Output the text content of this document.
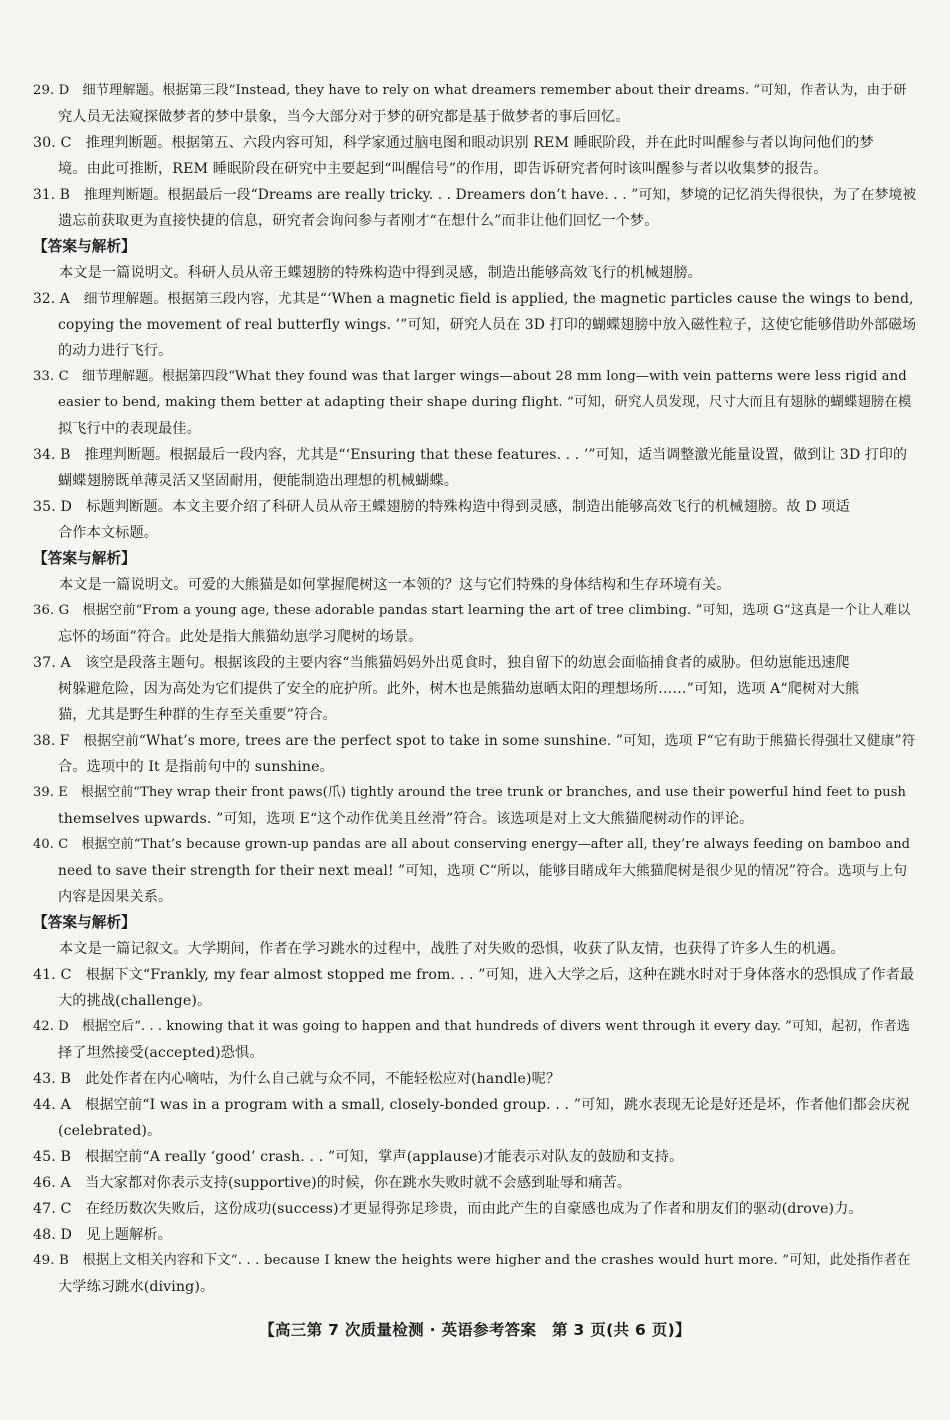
29. D　细节理解题。根据第三段“Instead, they have to rely on what dreamers remember about their dreams. ”可知，作者认为，由于研
究人员无法窥探做梦者的梦中景象，当今大部分对于梦的研究都是基于做梦者的事后回忆。
30. C　推理判断题。根据第五、六段内容可知，科学家通过脑电图和眼动识别 REM 睡眠阶段，并在此时叫醒参与者以询问他们的梦
境。由此可推断，REM 睡眠阶段在研究中主要起到“叫醒信号”的作用，即告诉研究者何时该叫醒参与者以收集梦的报告。
31. B　推理判断题。根据最后一段“Dreams are really tricky. . . Dreamers don’t have. . . ”可知，梦境的记忆消失得很快，为了在梦境被
遗忘前获取更为直接快捷的信息，研究者会询问参与者刚才“在想什么”而非让他们回忆一个梦。
【答案与解析】
本文是一篇说明文。科研人员从帝王蝶翅膀的特殊构造中得到灵感，制造出能够高效飞行的机械翅膀。
32. A　细节理解题。根据第三段内容，尤其是“‘When a magnetic field is applied, the magnetic particles cause the wings to bend,
copying the movement of real butterfly wings. ’”可知，研究人员在 3D 打印的蝴蝶翅膀中放入磁性粒子，这使它能够借助外部磁场
的动力进行飞行。
33. C　细节理解题。根据第四段“What they found was that larger wings—about 28 mm long—with vein patterns were less rigid and
easier to bend, making them better at adapting their shape during flight. ”可知，研究人员发现，尺寸大而且有翅脉的蝴蝶翅膀在模
拟飞行中的表现最佳。
34. B　推理判断题。根据最后一段内容，尤其是“‘Ensuring that these features. . . ’”可知，适当调整激光能量设置，做到让 3D 打印的
蝴蝶翅膀既单薄灵活又坚固耐用，便能制造出理想的机械蝴蝶。
35. D　标题判断题。本文主要介绍了科研人员从帝王蝶翅膀的特殊构造中得到灵感，制造出能够高效飞行的机械翅膀。故 D 项适
合作本文标题。
【答案与解析】
本文是一篇说明文。可爱的大熊猫是如何掌握爬树这一本领的？这与它们特殊的身体结构和生存环境有关。
36. G　根据空前“From a young age, these adorable pandas start learning the art of tree climbing. ”可知，选项 G“这真是一个让人难以
忘怀的场面”符合。此处是指大熊猫幼崽学习爬树的场景。
37. A　该空是段落主题句。根据该段的主要内容“当熊猫妈妈外出觅食时，独自留下的幼崽会面临捕食者的威胁。但幼崽能迅速爬
树躲避危险，因为高处为它们提供了安全的庇护所。此外，树木也是熊猫幼崽晒太阳的理想场所……”可知，选项 A“爬树对大熊
猫，尤其是野生种群的生存至关重要”符合。
38. F　根据空前“What’s more, trees are the perfect spot to take in some sunshine. ”可知，选项 F“它有助于熊猫长得强壮又健康”符
合。选项中的 It 是指前句中的 sunshine。
39. E　根据空前“They wrap their front paws(爪) tightly around the tree trunk or branches, and use their powerful hind feet to push
themselves upwards. ”可知，选项 E“这个动作优美且丝滑”符合。该选项是对上文大熊猫爬树动作的评论。
40. C　根据空前“That’s because grown-up pandas are all about conserving energy—after all, they’re always feeding on bamboo and
need to save their strength for their next meal! ”可知，选项 C“所以，能够目睹成年大熊猫爬树是很少见的情况”符合。选项与上句
内容是因果关系。
【答案与解析】
本文是一篇记叙文。大学期间，作者在学习跳水的过程中，战胜了对失败的恐惧，收获了队友情，也获得了许多人生的机遇。
41. C　根据下文“Frankly, my fear almost stopped me from. . . ”可知，进入大学之后，这种在跳水时对于身体落水的恐惧成了作者最
大的挑战(challenge)。
42. D　根据空后“. . . knowing that it was going to happen and that hundreds of divers went through it every day. ”可知，起初，作者选
择了坦然接受(accepted)恐惧。
43. B　此处作者在内心嘀咕，为什么自己就与众不同，不能轻松应对(handle)呢？
44. A　根据空前“I was in a program with a small, closely-bonded group. . . ”可知，跳水表现无论是好还是坏，作者他们都会庆祝
(celebrated)。
45. B　根据空前“A really ‘good’ crash. . . ”可知，掌声(applause)才能表示对队友的鼓励和支持。
46. A　当大家都对你表示支持(supportive)的时候，你在跳水失败时就不会感到耻辱和痛苦。
47. C　在经历数次失败后，这份成功(success)才更显得弥足珍贵，而由此产生的自豪感也成为了作者和朋友们的驱动(drove)力。
48. D　见上题解析。
49. B　根据上文相关内容和下文“. . . because I knew the heights were higher and the crashes would hurt more. ”可知，此处指作者在
大学练习跳水(diving)。
【高三第 7 次质量检测 · 英语参考答案　第 3 页(共 6 页)】
